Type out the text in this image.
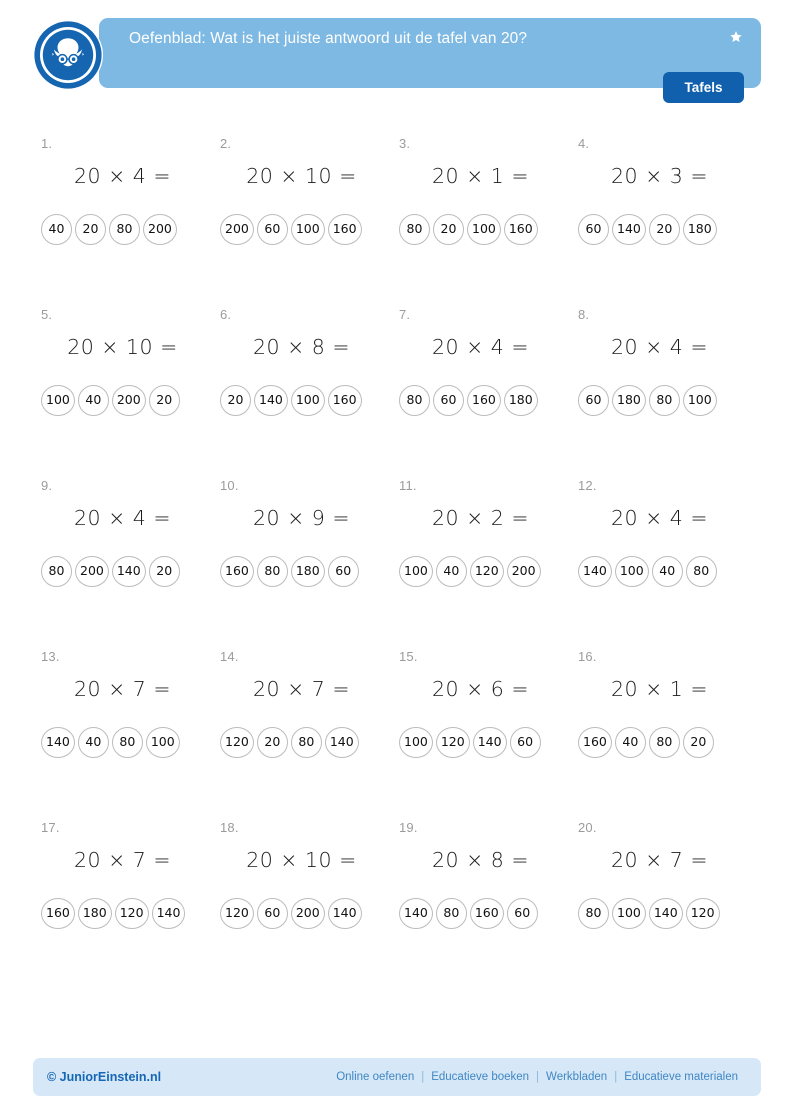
Oefenblad: Wat is het juiste antwoord uit de tafel van 20?
Tafels
1.
20 × 4 =
40	20	80	200
2.
20 × 10 =
200	60	100	160
3.
20 × 1 =
80	20	100	160
4.
20 × 3 =
60	140	20	180
5.
20 × 10 =
100	40	200	20
6.
20 × 8 =
20	140	100	160
7.
20 × 4 =
80	60	160	180
8.
20 × 4 =
60	180	80	100
9.
20 × 4 =
80	200	140	20
10.
20 × 9 =
160	80	180	60
11.
20 × 2 =
100	40	120	200
12.
20 × 4 =
140	100	40	80
13.
20 × 7 =
140	40	80	100
14.
20 × 7 =
120	20	80	140
15.
20 × 6 =
100	120	140	60
16.
20 × 1 =
160	40	80	20
17.
20 × 7 =
160	180	120	140
18.
20 × 10 =
120	60	200	140
19.
20 × 8 =
140	80	160	60
20.
20 × 7 =
80	100	140	120
© JuniorEinstein.nl	Online oefenen | Educatieve boeken | Werkbladen | Educatieve materialen
